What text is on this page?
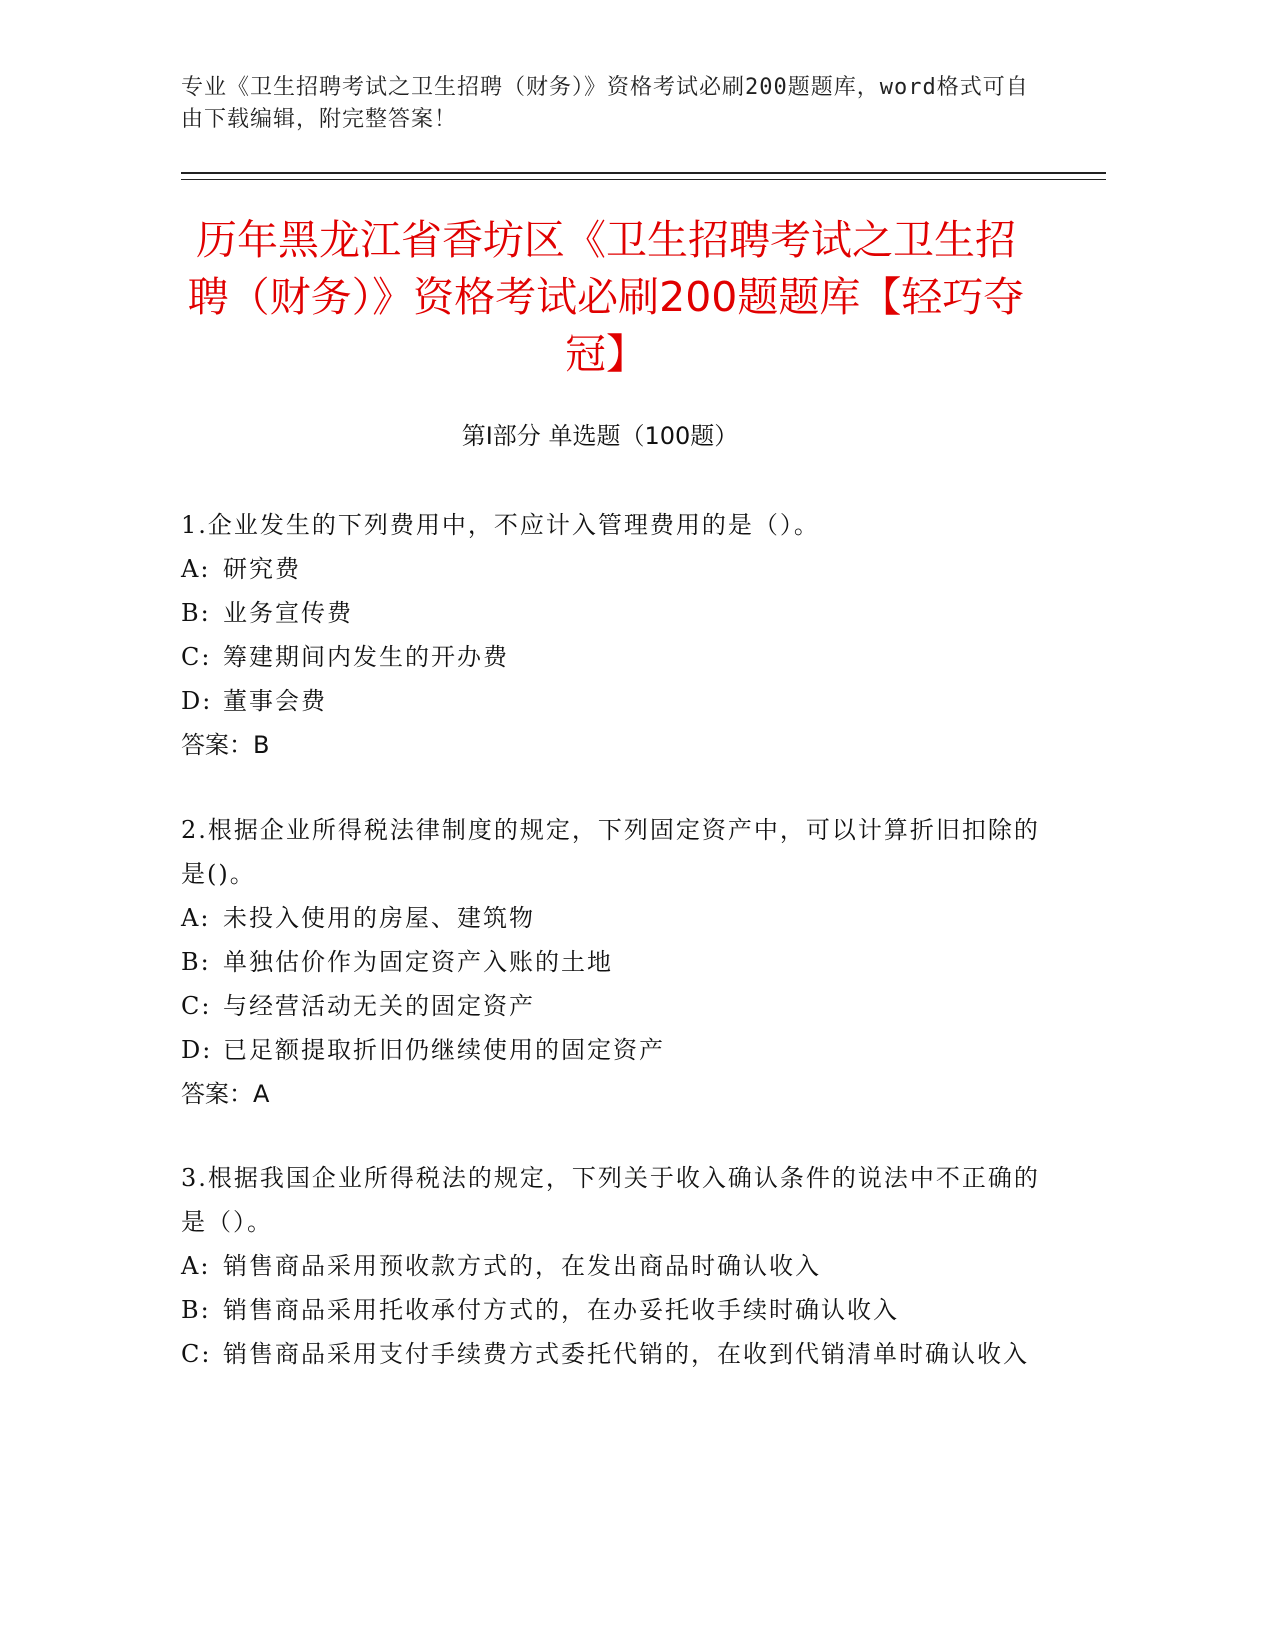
专业《卫生招聘考试之卫生招聘（财务）》资格考试必刷200题题库，word格式可自由下载编辑，附完整答案！
历年黑龙江省香坊区《卫生招聘考试之卫生招聘（财务）》资格考试必刷200题题库【轻巧夺冠】
第I部分 单选题（100题）
1.企业发生的下列费用中，不应计入管理费用的是（）。
A: 研究费
B: 业务宣传费
C: 筹建期间内发生的开办费
D: 董事会费
答案：B
2.根据企业所得税法律制度的规定，下列固定资产中，可以计算折旧扣除的是()。
A: 未投入使用的房屋、建筑物
B: 单独估价作为固定资产入账的土地
C: 与经营活动无关的固定资产
D: 已足额提取折旧仍继续使用的固定资产
答案：A
3.根据我国企业所得税法的规定，下列关于收入确认条件的说法中不正确的是（）。
A: 销售商品采用预收款方式的，在发出商品时确认收入
B: 销售商品采用托收承付方式的，在办妥托收手续时确认收入
C: 销售商品采用支付手续费方式委托代销的，在收到代销清单时确认收入
